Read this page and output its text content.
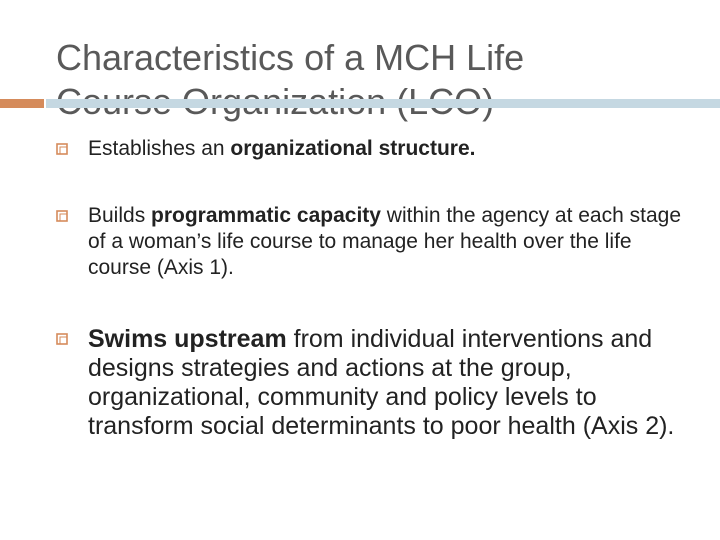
Characteristics of a MCH Life
Establishes an organizational structure.
Builds programmatic capacity within the agency at each stage of a woman’s life course to manage her health over the life course (Axis 1).
Swims upstream from individual interventions and designs strategies and actions at the group, organizational, community and policy levels to transform social determinants to poor health (Axis 2).
